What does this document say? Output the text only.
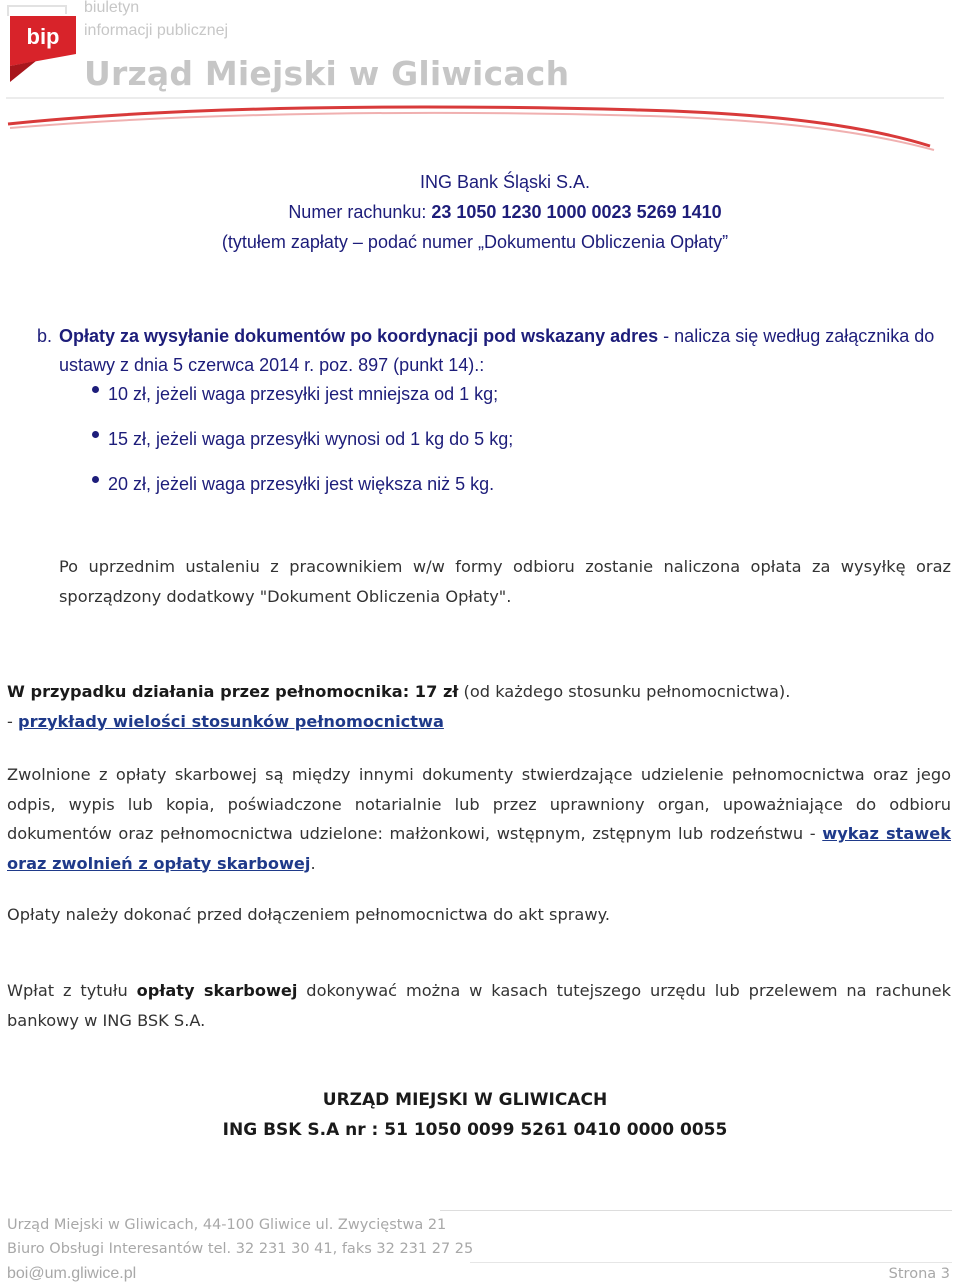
bip
biuletyn
informacji publicznej
Urząd Miejski w Gliwicach
ING Bank Śląski S.A.
Numer rachunku: 23 1050 1230 1000 0023 5269 1410
(tytułem zapłaty – podać numer „Dokumentu Obliczenia Opłaty”
b. Opłaty za wysyłanie dokumentów po koordynacji pod wskazany adres - nalicza się według załącznika do ustawy z dnia 5 czerwca 2014 r. poz. 897 (punkt 14).:
10 zł, jeżeli waga przesyłki jest mniejsza od 1 kg;
15 zł, jeżeli waga przesyłki wynosi od 1 kg do 5 kg;
20 zł, jeżeli waga przesyłki jest większa niż 5 kg.
Po uprzednim ustaleniu z pracownikiem w/w formy odbioru zostanie naliczona opłata za wysyłkę oraz sporządzony dodatkowy "Dokument Obliczenia Opłaty".
W przypadku działania przez pełnomocnika: 17 zł (od każdego stosunku pełnomocnictwa).
- przykłady wielości stosunków pełnomocnictwa
Zwolnione z opłaty skarbowej są między innymi dokumenty stwierdzające udzielenie pełnomocnictwa oraz jego odpis, wypis lub kopia, poświadczone notarialnie lub przez uprawniony organ, upoważniające do odbioru dokumentów oraz pełnomocnictwa udzielone: małżonkowi, wstępnym, zstępnym lub rodzeństwu - wykaz stawek oraz zwolnień z opłaty skarbowej.
Opłaty należy dokonać przed dołączeniem pełnomocnictwa do akt sprawy.
Wpłat z tytułu opłaty skarbowej dokonywać można w kasach tutejszego urzędu lub przelewem na rachunek bankowy w ING BSK S.A.
URZĄD MIEJSKI W GLIWICACH
ING BSK S.A nr : 51 1050 0099 5261 0410 0000 0055
Urząd Miejski w Gliwicach, 44-100 Gliwice ul. Zwycięstwa 21
Biuro Obsługi Interesantów tel. 32 231 30 41, faks 32 231 27 25
boi@um.gliwice.pl	Strona 3
